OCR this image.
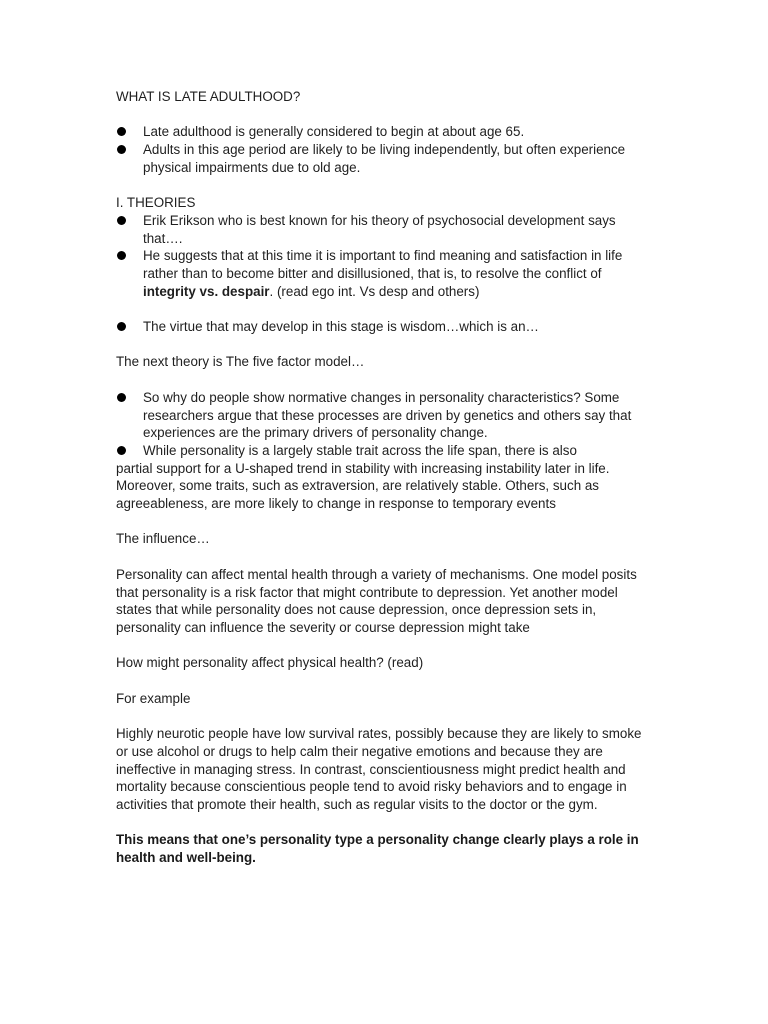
WHAT IS LATE ADULTHOOD?

Late adulthood is generally considered to begin at about age 65.
Adults in this age period are likely to be living independently, but often experience physical impairments due to old age.

I. THEORIES

Erik Erikson who is best known for his theory of psychosocial development says that….
He suggests that at this time it is important to find meaning and satisfaction in life rather than to become bitter and disillusioned, that is, to resolve the conflict of integrity vs. despair. (read ego int. Vs desp and others)
The virtue that may develop in this stage is wisdom…which is an…

The next theory is The five factor model…

So why do people show normative changes in personality characteristics? Some researchers argue that these processes are driven by genetics and others say that experiences are the primary drivers of personality change.
While personality is a largely stable trait across the life span, there is also
partial support for a U-shaped trend in stability with increasing instability later in life. Moreover, some traits, such as extraversion, are relatively stable. Others, such as agreeableness, are more likely to change in response to temporary events

The influence…

Personality can affect mental health through a variety of mechanisms. One model posits that personality is a risk factor that might contribute to depression. Yet another model states that while personality does not cause depression, once depression sets in, personality can influence the severity or course depression might take

How might personality affect physical health? (read)

For example

Highly neurotic people have low survival rates, possibly because they are likely to smoke or use alcohol or drugs to help calm their negative emotions and because they are ineffective in managing stress. In contrast, conscientiousness might predict health and mortality because conscientious people tend to avoid risky behaviors and to engage in activities that promote their health, such as regular visits to the doctor or the gym.

This means that one’s personality type a personality change clearly plays a role in health and well-being.
